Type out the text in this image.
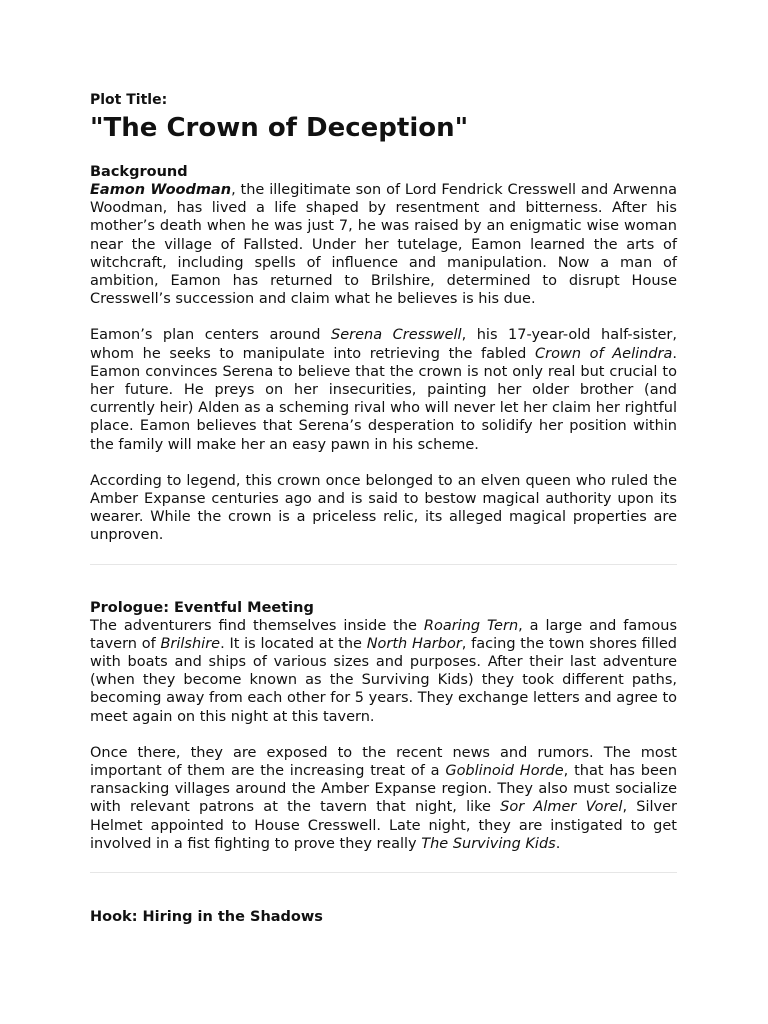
Plot Title:
"The Crown of Deception"
Background

Eamon Woodman, the illegitimate son of Lord Fendrick Cresswell and Arwenna Woodman, has lived a life shaped by resentment and bitterness. After his mother’s death when he was just 7, he was raised by an enigmatic wise woman near the village of Fallsted. Under her tutelage, Eamon learned the arts of witchcraft, including spells of influence and manipulation. Now a man of ambition, Eamon has returned to Brilshire, determined to disrupt House Cresswell’s succession and claim what he believes is his due.

Eamon’s plan centers around Serena Cresswell, his 17-year-old half-sister, whom he seeks to manipulate into retrieving the fabled Crown of Aelindra. Eamon convinces Serena to believe that the crown is not only real but crucial to her future. He preys on her insecurities, painting her older brother (and currently heir) Alden as a scheming rival who will never let her claim her rightful place. Eamon believes that Serena’s desperation to solidify her position within the family will make her an easy pawn in his scheme.

According to legend, this crown once belonged to an elven queen who ruled the Amber Expanse centuries ago and is said to bestow magical authority upon its wearer. While the crown is a priceless relic, its alleged magical properties are unproven.

Prologue: Eventful Meeting

The adventurers find themselves inside the Roaring Tern, a large and famous tavern of Brilshire. It is located at the North Harbor, facing the town shores filled with boats and ships of various sizes and purposes. After their last adventure (when they become known as the Surviving Kids) they took different paths, becoming away from each other for 5 years. They exchange letters and agree to meet again on this night at this tavern.

Once there, they are exposed to the recent news and rumors. The most important of them are the increasing treat of a Goblinoid Horde, that has been ransacking villages around the Amber Expanse region. They also must socialize with relevant patrons at the tavern that night, like Sor Almer Vorel, Silver Helmet appointed to House Cresswell. Late night, they are instigated to get involved in a fist fighting to prove they really The Surviving Kids.

Hook: Hiring in the Shadows
